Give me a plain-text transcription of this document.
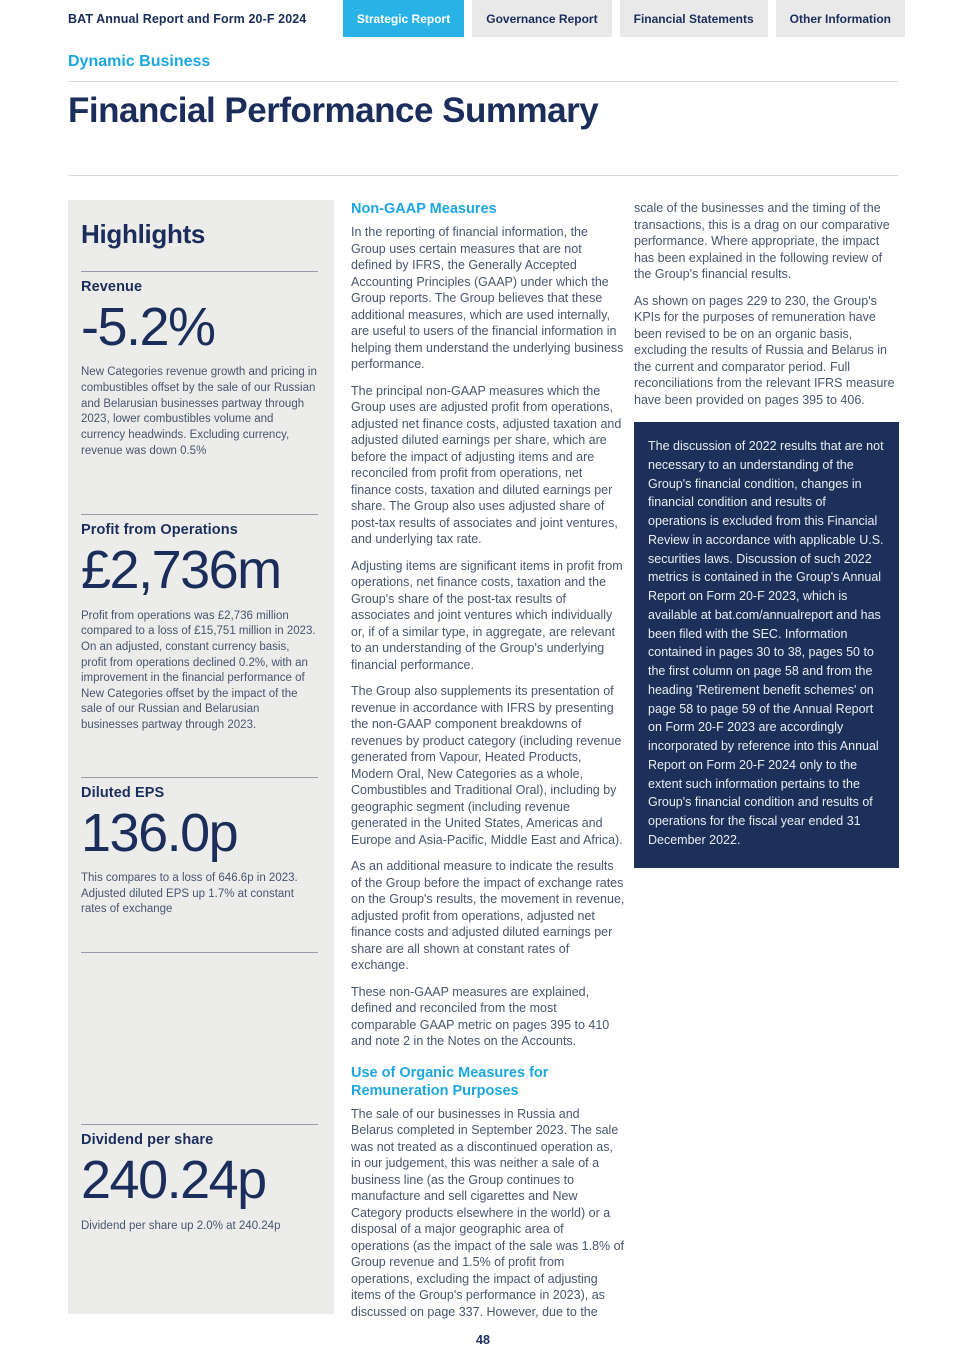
BAT Annual Report and Form 20-F 2024	Strategic Report	Governance Report	Financial Statements	Other Information
Dynamic Business
Financial Performance Summary
Highlights
Revenue
-5.2%
New Categories revenue growth and pricing in combustibles offset by the sale of our Russian and Belarusian businesses partway through 2023, lower combustibles volume and currency headwinds. Excluding currency, revenue was down 0.5%
Profit from Operations
£2,736m
Profit from operations was £2,736 million compared to a loss of £15,751 million in 2023. On an adjusted, constant currency basis, profit from operations declined 0.2%, with an improvement in the financial performance of New Categories offset by the impact of the sale of our Russian and Belarusian businesses partway through 2023.
Diluted EPS
136.0p
This compares to a loss of 646.6p in 2023. Adjusted diluted EPS up 1.7% at constant rates of exchange
Dividend per share
240.24p
Dividend per share up 2.0% at 240.24p
Non-GAAP Measures

In the reporting of financial information, the Group uses certain measures that are not defined by IFRS, the Generally Accepted Accounting Principles (GAAP) under which the Group reports. The Group believes that these additional measures, which are used internally, are useful to users of the financial information in helping them understand the underlying business performance.

The principal non-GAAP measures which the Group uses are adjusted profit from operations, adjusted net finance costs, adjusted taxation and adjusted diluted earnings per share, which are before the impact of adjusting items and are reconciled from profit from operations, net finance costs, taxation and diluted earnings per share. The Group also uses adjusted share of post-tax results of associates and joint ventures, and underlying tax rate.

Adjusting items are significant items in profit from operations, net finance costs, taxation and the Group's share of the post-tax results of associates and joint ventures which individually or, if of a similar type, in aggregate, are relevant to an understanding of the Group's underlying financial performance.

The Group also supplements its presentation of revenue in accordance with IFRS by presenting the non-GAAP component breakdowns of revenues by product category (including revenue generated from Vapour, Heated Products, Modern Oral, New Categories as a whole, Combustibles and Traditional Oral), including by geographic segment (including revenue generated in the United States, Americas and Europe and Asia-Pacific, Middle East and Africa).

As an additional measure to indicate the results of the Group before the impact of exchange rates on the Group's results, the movement in revenue, adjusted profit from operations, adjusted net finance costs and adjusted diluted earnings per share are all shown at constant rates of exchange.

These non-GAAP measures are explained, defined and reconciled from the most comparable GAAP metric on pages 395 to 410 and note 2 in the Notes on the Accounts.

Use of Organic Measures for Remuneration Purposes

The sale of our businesses in Russia and Belarus completed in September 2023. The sale was not treated as a discontinued operation as, in our judgement, this was neither a sale of a business line (as the Group continues to manufacture and sell cigarettes and New Category products elsewhere in the world) or a disposal of a major geographic area of operations (as the impact of the sale was 1.8% of Group revenue and 1.5% of profit from operations, excluding the impact of adjusting items of the Group's performance in 2023), as discussed on page 337. However, due to the

scale of the businesses and the timing of the transactions, this is a drag on our comparative performance. Where appropriate, the impact has been explained in the following review of the Group's financial results.

As shown on pages 229 to 230, the Group's KPIs for the purposes of remuneration have been revised to be on an organic basis, excluding the results of Russia and Belarus in the current and comparator period. Full reconciliations from the relevant IFRS measure have been provided on pages 395 to 406.

The discussion of 2022 results that are not necessary to an understanding of the Group's financial condition, changes in financial condition and results of operations is excluded from this Financial Review in accordance with applicable U.S. securities laws. Discussion of such 2022 metrics is contained in the Group's Annual Report on Form 20-F 2023, which is available at bat.com/annualreport and has been filed with the SEC. Information contained in pages 30 to 38, pages 50 to the first column on page 58 and from the heading 'Retirement benefit schemes' on page 58 to page 59 of the Annual Report on Form 20-F 2023 are accordingly incorporated by reference into this Annual Report on Form 20-F 2024 only to the extent such information pertains to the Group's financial condition and results of operations for the fiscal year ended 31 December 2022.

48
